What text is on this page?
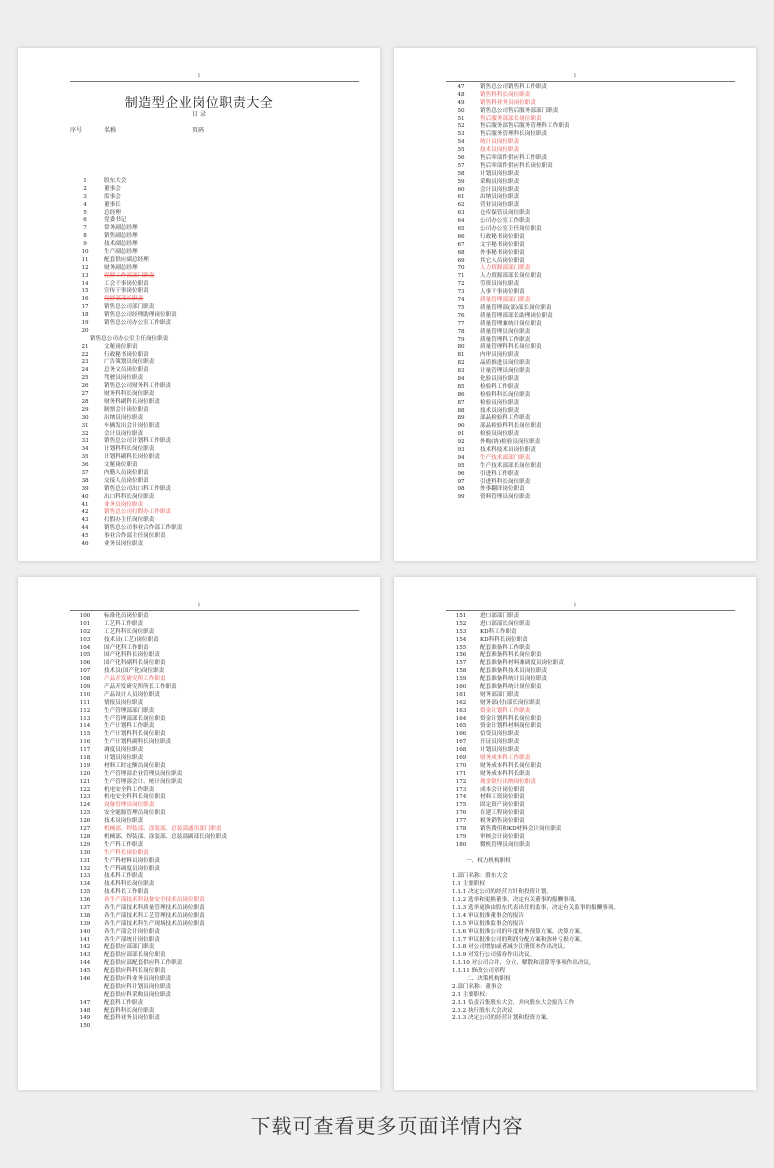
1
制造型企业岗位职责大全
目 录
序号	名称	页码
1	股东大会
2	董事会
3	监事会
4	董事长
5	总经理
6	党委书记
7	常务副总经理
8	销售副总经理
9	技术副总经理
10	生产副总经理
11	配套供应副总经理
12	财务副总经理
13	党群工作部部门职责
14	工会干事岗位职责
15	宣传干事岗位职责
16	党群部部长职责
17	销售总公司部门职责
18	销售总公司经理助理岗位职责
19	销售总公司办公室工作职责
20
销售总公司办公室主任岗位职责
21	文秘岗位职责
22	行政秘书岗位职责
23	广告策划员岗位职责
24	总务文员岗位职责
25	驾驶员岗位职责
26	销售总公司财务科工作职责
27	财务科科长岗位职责
28	财务科副科长岗位职责
29	制票会计岗位职责
30	出纳员岗位职责
31	车辆发出会计岗位职责
32	会计员岗位职责
33	销售总公司计划科工作职责
34	计划科科长岗位职责
35	计划科副科长岗位职责
36	文秘岗位职责
37	内勤人员岗位职责
38	交接人员岗位职责
39	销售总公司出口科工作职责
40	出口科科长岗位职责
41	业务员岗位职责
42	销售总公司打假办工作职责
43	打假办主任岗位职责
44	销售总公司事业合作部工作职责
45	事业合作部主任岗位职责
46	业务员岗位职责
1
47	销售总公司销售科工作职责
48	销售科科长岗位职责
49	销售科业务员岗位职责
50	销售总公司售后服务部部门职责
51	售后服务部部长岗位职责
52	售后服务部售后服务管理科工作职责
53	售后服务管理科长岗位职责
54	统计员岗位职责
55	技术员岗位职责
56	售后零部件供应科工作职责
57	售后零部件供应科长岗位职责
58	计划员岗位职责
59	采购员岗位职责
60	会计员岗位职责
61	出纳员岗位职责
62	营业员岗位职责
63	仓库保管员岗位职责
64	公司办公室工作职责
65	公司办公室主任岗位职责
66	行政秘书岗位职责
67	文字秘书岗位职责
68	外事秘书岗位职责
69	其它人员岗位职责
70	人力资源部部门职责
71	人力资源部部长岗位职责
72	劳资员岗位职责
73	人事干事岗位职责
74	质量管理部部门职责
75	质量管理部(部)部长岗位职责
76	质量管理部部长助理岗位职责
77	质量管理兼统计岗位职责
78	质量管理员岗位职责
79	质量管理科工作职责
80	质量管理科科长岗位职责
81	内审员岗位职责
82	晶质推进员岗位职责
83	计量管理员岗位职责
84	化验员岗位职责
85	检验科工作职责
86	检验科科长岗位职责
87	检验员岗位职责
88	技术员岗位职责
89	部品检验科工作职责
90	部品检验科科长岗位职责
91	检验员岗位职责
92	外购(协)检验员岗位职责
93	技术科技术员岗位职责
94	生产技术部部门职责
95	生产技术部部长岗位职责
96	引进科工作职责
97	引进科科长岗位职责
98	外事翻译岗位职责
99	资料管理员岗位职责
1
100 标准化员岗位职责
101 工艺科工作职责
102 工艺科科长岗位职责
103 技术员(工艺)岗位职责
104 国产化科工作职责
105 国产化科科长岗位职责
106 国产化科副科长岗位职责
107 技术员(国产化)岗位职责
108 产品开发研究所工作职责
109 产品开发研究所所长工作职责
110 产品设计人员岗位职责
111 情报员岗位职责
112 生产管理部部门职责
113 生产管理部部长岗位职责
114 生产计划科工作职责
115 生产计划科科长岗位职责
116 生产计划科副科长岗位职责
117 调度员岗位职责
118 计划员岗位职责
119 材料工时定额员岗位职责
120 生产管理部企业管理员岗位职责
121 生产管理部会计、统计岗位职责
122 机电安全科工作职责
123 机电安全科科长岗位职责
124 设备管理员岗位职责
125 安全能源管理员岗位职责
126 技术员岗位职责
127 机械部、焊装部、涂装部、总装部通用部门职责
128 机械部、焊装部、涂装部、总装部副部长岗位职责
129 生产科工作职责
130 生产科长岗位职责
131 生产科材料员岗位职责
132 生产科调度员岗位职责
133 技术科工作职责
134 技术科科长岗位职责
135 技术科长工作职责
136 各生产部技术科设备安全技术员岗位职责
137 各生产部技术科质量管理技术员岗位职责
138 各生产部技术科工艺管理技术员岗位职责
139 各生产部技术科生产现场技术员岗位职责
140 各生产部会计岗位职责
141 各生产部统计岗位职责
142 配套供应部部门职责
143 配套供应部部长岗位职责
144 配套供应部配套供应科工作职责
145 配套供应科科长岗位职责
146 配套供应科业务员岗位职责
配套供应科计划员岗位职责
配套供应科采购员岗位职责
147 配套科工作职责
148 配套科科长岗位职责
149 配套科业务员岗位职责
150
1
151 进口部部门职责
152 进口部部长岗位职责
153 KD科工作职责
154 KD科科长岗位职责
155 配套准备科工作职责
156 配套准备科科长岗位职责
157 配套准备科材料兼调度员岗位职责
158 配套准备科技术员岗位职责
159 配套准备科统计员岗位职责
160 配套准备科统计岗位职责
161 财务部部门职责
162 财务部(付)部长岗位职责
163 资金计划科工作职责
164 资金计划科科长岗位职责
165 资金计划科材料岗位职责
166 信贷员岗位职责
167 开证员岗位职责
168 计划员岗位职责
169 财务成本科工作职责
170 财务成本科科长岗位职责
171 财务成本科科长职责
172 现金银行出纳岗位职责
173 成本会计岗位职责
174 材料工资岗位职责
175 固定资产岗位职责
176 在建工程岗位职责
177 税务销售岗位职责
178 销售费用和KD材料会计岗位职责
179 审核会计岗位职责
180 微机管理员岗位职责
一、权力机构职权
1.部门名称：股东大会
1.1 主要职权
1.1.1 决定公司的经营方针和投资计划。
1.1.2 选举和更换董事，决定有关董事的报酬事项。
1.1.3 选举更换由股东代表出任的监事，决定有关监事的报酬事项。
1.1.4 审议批准董事会的报告
1.1.5 审议批准监事会的报告
1.1.6 审议批准公司的年度财务预算方案、决算方案。
1.1.7 审议批准公司的利润分配方案和弥补亏损方案。
1.1.8 对公司增加或者减少注册资本作出决议。
1.1.9 对发行公司债券作出决议。
1.1.10 对公司合并、分立、解散和清算等事项作出决议。
1.1.11 修改公司章程
二、决策机构职权
2.部门名称：董事会
2.1 主要职权：
2.1.1 负责召集股东大会，并向股东大会报告工作
2.1.2 执行股东大会决议
2.1.3 决定公司的经营计划和投资方案。
下载可查看更多页面详情内容
